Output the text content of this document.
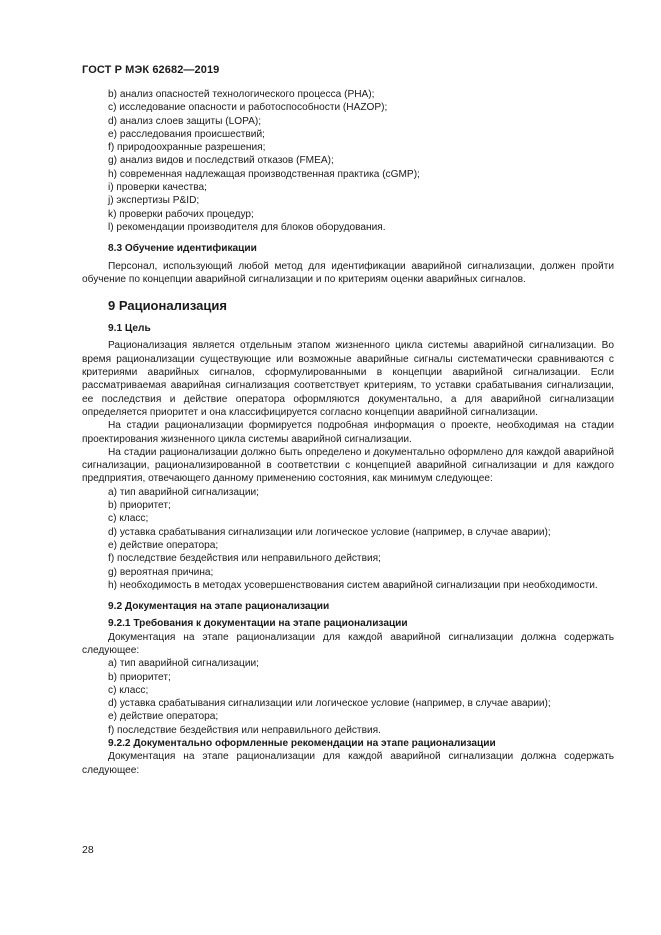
ГОСТ Р МЭК 62682—2019
b) анализ опасностей технологического процесса (PHA);
c) исследование опасности и работоспособности (HAZOP);
d) анализ слоев защиты (LOPA);
e) расследования происшествий;
f) природоохранные разрешения;
g) анализ видов и последствий отказов (FMEA);
h) современная надлежащая производственная практика (cGMP);
i) проверки качества;
j) экспертизы P&ID;
k) проверки рабочих процедур;
l) рекомендации производителя для блоков оборудования.
8.3 Обучение идентификации

Персонал, использующий любой метод для идентификации аварийной сигнализации, должен пройти обучение по концепции аварийной сигнализации и по критериям оценки аварийных сигналов.

9 Рационализация
9.1 Цель

Рационализация является отдельным этапом жизненного цикла системы аварийной сигнализации. Во время рационализации существующие или возможные аварийные сигналы систематически сравниваются с критериями аварийных сигналов, сформулированными в концепции аварийной сигнализации. Если рассматриваемая аварийная сигнализация соответствует критериям, то уставки срабатывания сигнализации, ее последствия и действие оператора оформляются документально, а для аварийной сигнализации определяется приоритет и она классифицируется согласно концепции аварийной сигнализации.

На стадии рационализации формируется подробная информация о проекте, необходимая на стадии проектирования жизненного цикла системы аварийной сигнализации.

На стадии рационализации должно быть определено и документально оформлено для каждой аварийной сигнализации, рационализированной в соответствии с концепцией аварийной сигнализации и для каждого предприятия, отвечающего данному применению состояния, как минимум следующее:

a) тип аварийной сигнализации;
b) приоритет;
c) класс;
d) уставка срабатывания сигнализации или логическое условие (например, в случае аварии);
e) действие оператора;
f) последствие бездействия или неправильного действия;
g) вероятная причина;

h) необходимость в методах усовершенствования систем аварийной сигнализации при необходимости.

9.2 Документация на этапе рационализации
9.2.1 Требования к документации на этапе рационализации

Документация на этапе рационализации для каждой аварийной сигнализации должна содержать следующее:

a) тип аварийной сигнализации;
b) приоритет;
c) класс;

d) уставка срабатывания сигнализации или логическое условие (например, в случае аварии);

e) действие оператора;
f) последствие бездействия или неправильного действия.
9.2.2 Документально оформленные рекомендации на этапе рационализации

Документация на этапе рационализации для каждой аварийной сигнализации должна содержать следующее:

28
